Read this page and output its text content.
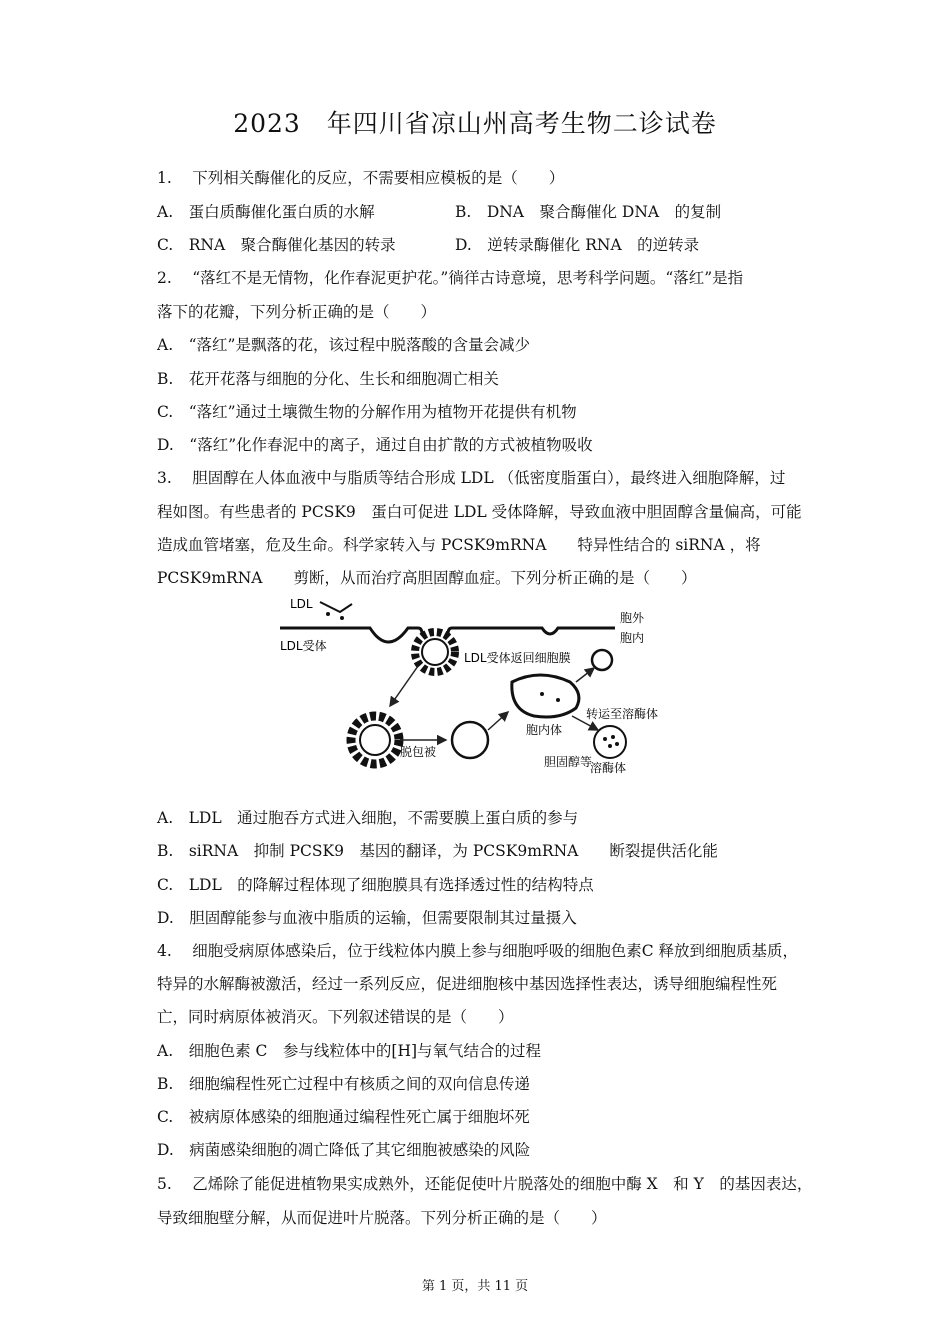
2023　年四川省凉山州高考生物二诊试卷
1.　 下列相关酶催化的反应，不需要相应模板的是（　　）
A.　蛋白质酶催化蛋白质的水解	B.　DNA　聚合酶催化 DNA　的复制
C.　RNA　聚合酶催化基因的转录	D.　逆转录酶催化 RNA　的逆转录
2.　 “落红不是无情物，化作春泥更护花。”徜徉古诗意境，思考科学问题。“落红”是指
落下的花瓣，下列分析正确的是（　　）
A.　“落红”是飘落的花，该过程中脱落酸的含量会减少
B.　花开花落与细胞的分化、生长和细胞凋亡相关
C.　“落红”通过土壤微生物的分解作用为植物开花提供有机物
D.　“落红”化作春泥中的离子，通过自由扩散的方式被植物吸收
3.　 胆固醇在人体血液中与脂质等结合形成 LDL （低密度脂蛋白），最终进入细胞降解，过
程如图。有些患者的 PCSK9　蛋白可促进 LDL 受体降解，导致血液中胆固醇含量偏高，可能
造成血管堵塞，危及生命。科学家转入与 PCSK9mRNA　　特异性结合的 siRNA ，将
PCSK9mRNA　　剪断，从而治疗高胆固醇血症。下列分析正确的是（　　）
LDL
LDL受体
胞外
胞内
LDL受体返回细胞膜
胞内体
转运至溶酶体
脱包被
胆固醇等
溶酶体
A.　LDL　通过胞吞方式进入细胞，不需要膜上蛋白质的参与
B.　siRNA　抑制 PCSK9　基因的翻译，为 PCSK9mRNA　　断裂提供活化能
C.　LDL　的降解过程体现了细胞膜具有选择透过性的结构特点
D.　胆固醇能参与血液中脂质的运输，但需要限制其过量摄入
4.　 细胞受病原体感染后，位于线粒体内膜上参与细胞呼吸的细胞色素C 释放到细胞质基质，
特异的水解酶被激活，经过一系列反应，促进细胞核中基因选择性表达，诱导细胞编程性死
亡，同时病原体被消灭。下列叙述错误的是（　　）
A.　细胞色素 C　参与线粒体中的[H]与氧气结合的过程
B.　细胞编程性死亡过程中有核质之间的双向信息传递
C.　被病原体感染的细胞通过编程性死亡属于细胞坏死
D.　病菌感染细胞的凋亡降低了其它细胞被感染的风险
5.　 乙烯除了能促进植物果实成熟外，还能促使叶片脱落处的细胞中酶 X　和 Y　的基因表达，
导致细胞壁分解，从而促进叶片脱落。下列分析正确的是（　　）
第 1 页，共 11 页
